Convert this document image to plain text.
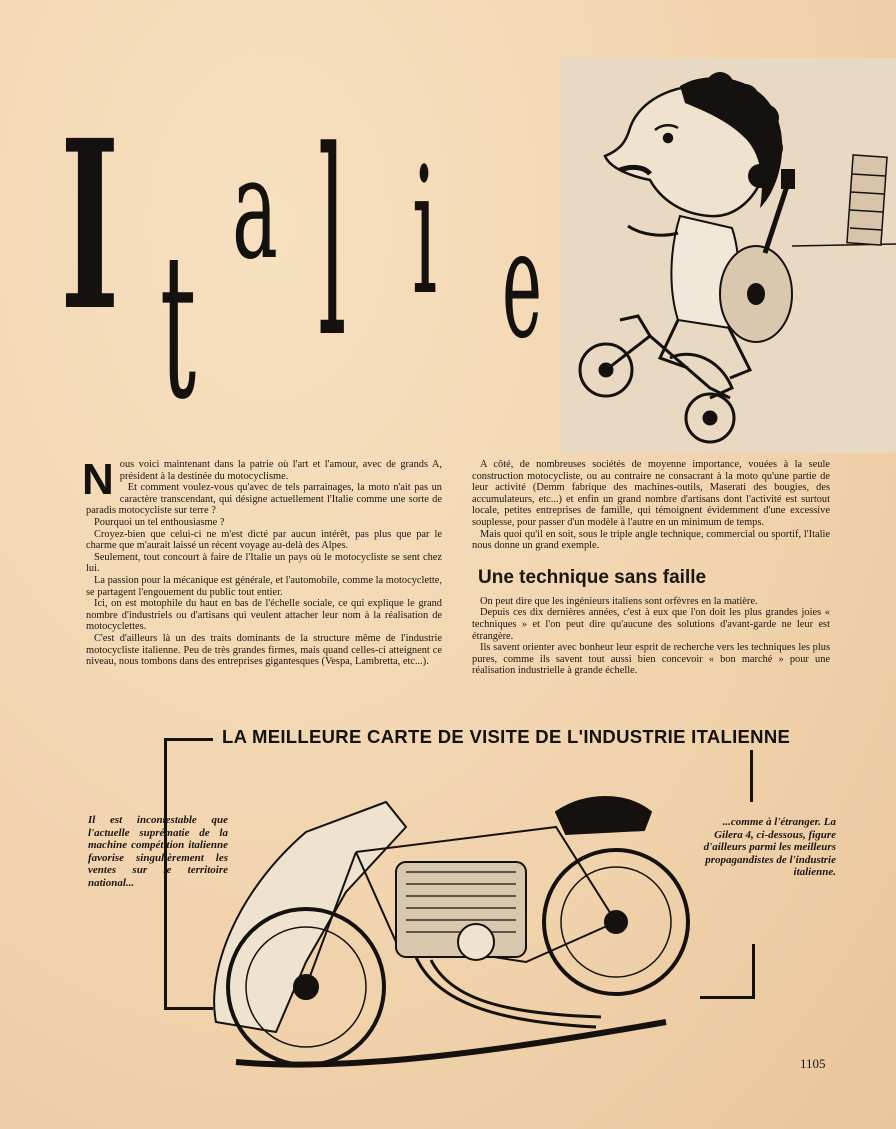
I t
a l i e
N ous voici maintenant dans la patrie où l'art et l'amour, avec de grands A, président à la destinée du motocyclisme.

Et comment voulez-vous qu'avec de tels parrainages, la moto n'ait pas un caractère transcendant, qui désigne actuellement l'Italie comme une sorte de paradis motocycliste sur terre ?

Pourquoi un tel enthousiasme ?

Croyez-bien que celui-ci ne m'est dicté par aucun intérêt, pas plus que par le charme que m'aurait laissé un récent voyage au-delà des Alpes.

Seulement, tout concourt à faire de l'Italie un pays où le motocycliste se sent chez lui.

La passion pour la mécanique est générale, et l'automobile, comme la motocyclette, se partagent l'engouement du public tout entier.

Ici, on est motophile du haut en bas de l'échelle sociale, ce qui explique le grand nombre d'industriels ou d'artisans qui veulent attacher leur nom à la réalisation de motocyclettes.

C'est d'ailleurs là un des traits dominants de la structure même de l'industrie motocycliste italienne. Peu de très grandes firmes, mais quand celles-ci atteignent ce niveau, nous tombons dans des entreprises gigantesques (Vespa, Lambretta, etc...).

A côté, de nombreuses sociétés de moyenne importance, vouées à la seule construction motocycliste, ou au contraire ne consacrant à la moto qu'une partie de leur activité (Demm fabrique des machines-outils, Maserati des bougies, des accumulateurs, etc...) et enfin un grand nombre d'artisans dont l'activité est surtout locale, petites entreprises de famille, qui témoignent évidemment d'une excessive souplesse, pour passer d'un modèle à l'autre en un minimum de temps.

Mais quoi qu'il en soit, sous le triple angle technique, commercial ou sportif, l'Italie nous donne un grand exemple.

Une technique sans faille

On peut dire que les ingénieurs italiens sont orfèvres en la matière.

Depuis ces dix dernières années, c'est à eux que l'on doit les plus grandes joies « techniques » et l'on peut dire qu'aucune des solutions d'avant-garde ne leur est étrangère.

Ils savent orienter avec bonheur leur esprit de recherche vers les techniques les plus pures, comme ils savent tout aussi bien concevoir « bon marché » pour une réalisation industrielle à grande échelle.

LA MEILLEURE CARTE DE VISITE DE L'INDUSTRIE ITALIENNE
Il est incontestable que l'actuelle suprématie de la machine compétition italienne favorise singulièrement les ventes sur le territoire national...
...comme à l'étranger. La Gilera 4, ci-dessous, figure d'ailleurs parmi les meilleurs propagandistes de l'industrie italienne.
1105
